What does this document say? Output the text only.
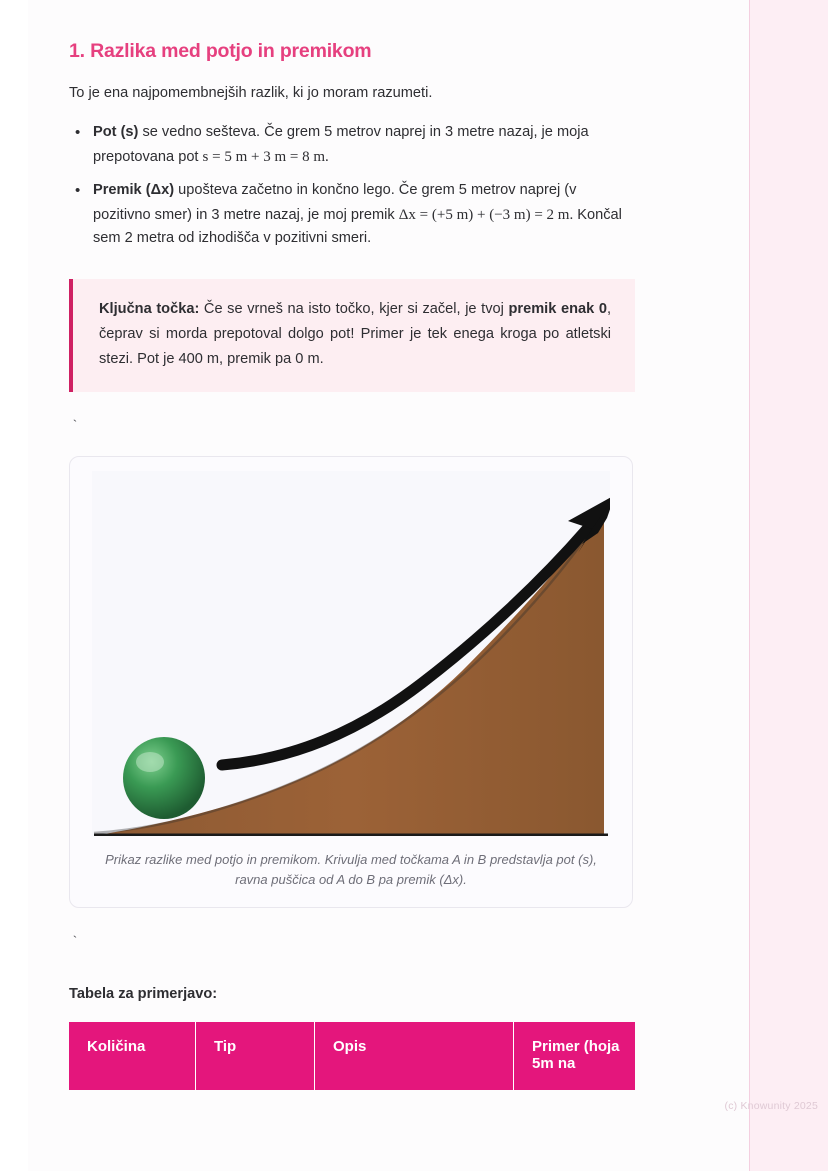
1. Razlika med potjo in premikom

To je ena najpomembnejših razlik, ki jo moram razumeti.

• Pot (s) se vedno sešteva. Če grem 5 metrov naprej in 3 metre nazaj, je moja prepotovana pot s = 5 m + 3 m = 8 m.
• Premik (Δx) upošteva začetno in končno lego. Če grem 5 metrov naprej (v pozitivno smer) in 3 metre nazaj, je moj premik Δx = (+5 m) + (−3 m) = 2 m. Končal sem 2 metra od izhodišča v pozitivni smeri.

Ključna točka: Če se vrneš na isto točko, kjer si začel, je tvoj premik enak 0, čeprav si morda prepotoval dolgo pot! Primer je tek enega kroga po atletski stezi. Pot je 400 m, premik pa 0 m.

`
Prikaz razlike med potjo in premikom. Krivulja med točkama A in B predstavlja pot (s), ravna puščica od A do B pa premik (Δx).
`
Tabela za primerjavo:
Količina	Tip	Opis	Primer (hoja 5m na
(c) Knowunity 2025
